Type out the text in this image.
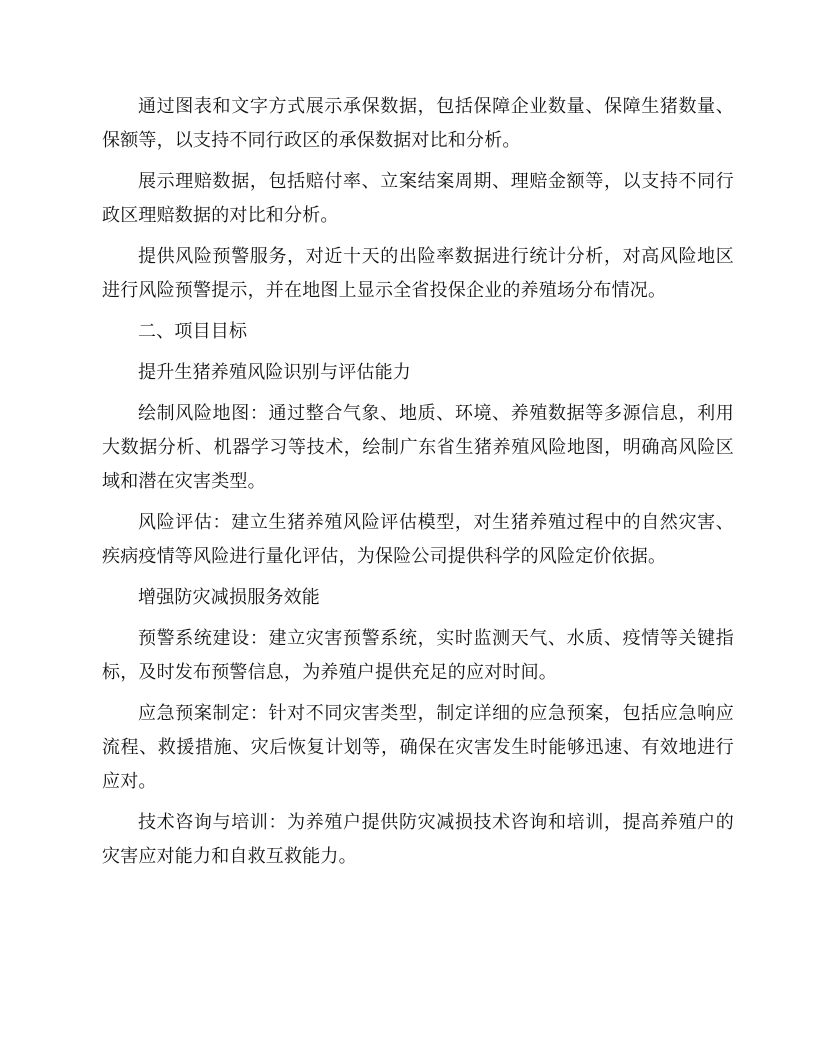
通过图表和文字方式展示承保数据，包括保障企业数量、保障生猪数量、保额等，以支持不同行政区的承保数据对比和分析。

展示理赔数据，包括赔付率、立案结案周期、理赔金额等，以支持不同行政区理赔数据的对比和分析。

提供风险预警服务，对近十天的出险率数据进行统计分析，对高风险地区进行风险预警提示，并在地图上显示全省投保企业的养殖场分布情况。

二、项目目标

提升生猪养殖风险识别与评估能力

绘制风险地图：通过整合气象、地质、环境、养殖数据等多源信息，利用大数据分析、机器学习等技术，绘制广东省生猪养殖风险地图，明确高风险区域和潜在灾害类型。

风险评估：建立生猪养殖风险评估模型，对生猪养殖过程中的自然灾害、疾病疫情等风险进行量化评估，为保险公司提供科学的风险定价依据。

增强防灾减损服务效能

预警系统建设：建立灾害预警系统，实时监测天气、水质、疫情等关键指标，及时发布预警信息，为养殖户提供充足的应对时间。

应急预案制定：针对不同灾害类型，制定详细的应急预案，包括应急响应流程、救援措施、灾后恢复计划等，确保在灾害发生时能够迅速、有效地进行应对。

技术咨询与培训：为养殖户提供防灾减损技术咨询和培训，提高养殖户的灾害应对能力和自救互救能力。
